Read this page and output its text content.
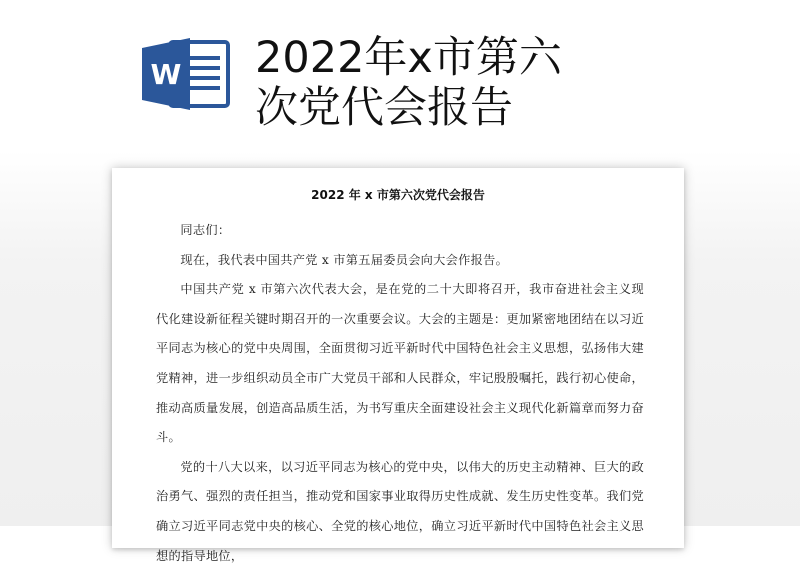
W 2022年x市第六
次党代会报告
2022 年 x 市第六次党代会报告

同志们：

现在，我代表中国共产党 x 市第五届委员会向大会作报告。

中国共产党 x 市第六次代表大会，是在党的二十大即将召开，我市奋进社会主义现代化建设新征程关键时期召开的一次重要会议。大会的主题是：更加紧密地团结在以习近平同志为核心的党中央周围，全面贯彻习近平新时代中国特色社会主义思想，弘扬伟大建党精神，进一步组织动员全市广大党员干部和人民群众，牢记殷殷嘱托，践行初心使命，推动高质量发展，创造高品质生活，为书写重庆全面建设社会主义现代化新篇章而努力奋斗。

党的十八大以来，以习近平同志为核心的党中央，以伟大的历史主动精神、巨大的政治勇气、强烈的责任担当，推动党和国家事业取得历史性成就、发生历史性变革。我们党确立习近平同志党中央的核心、全党的核心地位，确立习近平新时代中国特色社会主义思想的指导地位，
